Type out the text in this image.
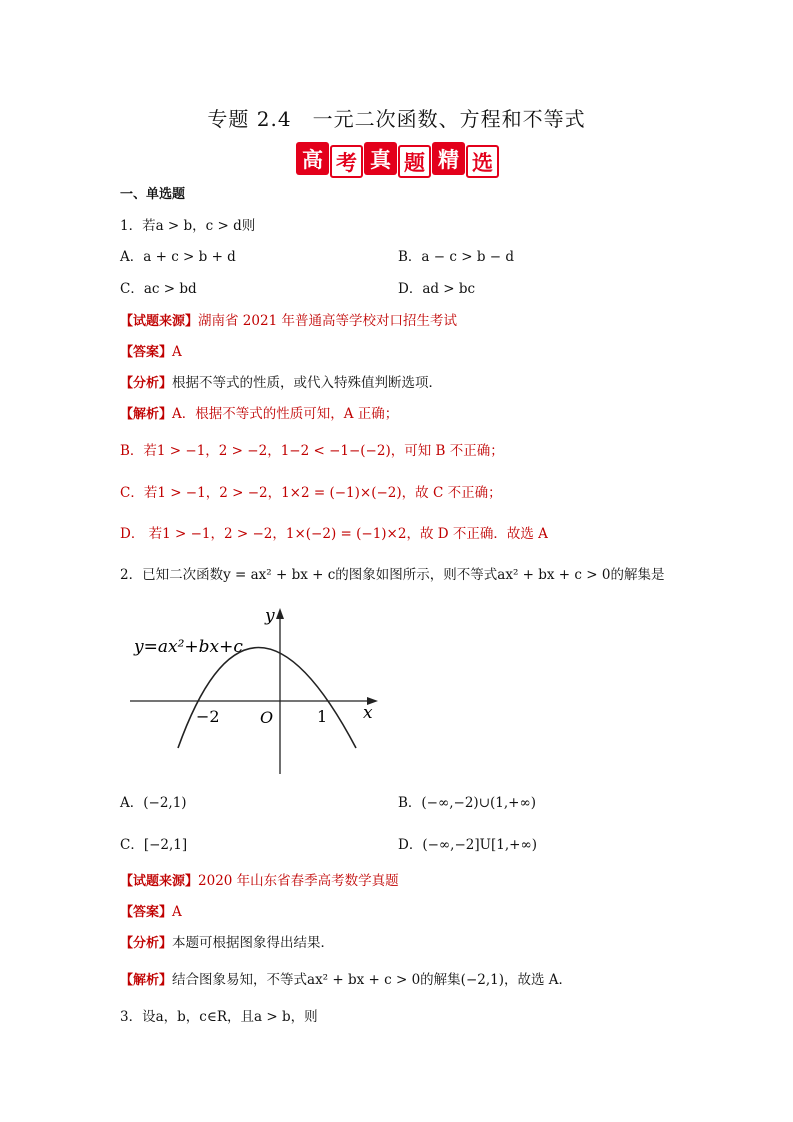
专题 2.4　一元二次函数、方程和不等式
高 考 真 题 精 选
一、单选题
1．若a > b，c > d则
A．a + c > b + d	B．a − c > b − d
C．ac > bd	D．ad > bc
【试题来源】湖南省 2021 年普通高等学校对口招生考试
【答案】A
【分析】根据不等式的性质，或代入特殊值判断选项．
【解析】A．根据不等式的性质可知，A 正确；
B．若1 > −1，2 > −2，1−2 < −1−(−2)，可知 B 不正确；
C．若1 > −1，2 > −2，1×2 = (−1)×(−2)，故 C 不正确；
D． 若1 > −1，2 > −2，1×(−2) = (−1)×2，故 D 不正确．故选 A
2．已知二次函数y = ax² + bx + c的图象如图所示，则不等式ax² + bx + c > 0的解集是
y=ax²+bx+c
y
x
O
−2	1
A．(−2,1)	B．(−∞,−2)∪(1,+∞)
C．[−2,1]	D．(−∞,−2]U[1,+∞)
【试题来源】2020 年山东省春季高考数学真题
【答案】A
【分析】本题可根据图象得出结果．
【解析】结合图象易知，不等式ax² + bx + c > 0的解集(−2,1)，故选 A．
3．设a，b，c∈R，且a > b，则
